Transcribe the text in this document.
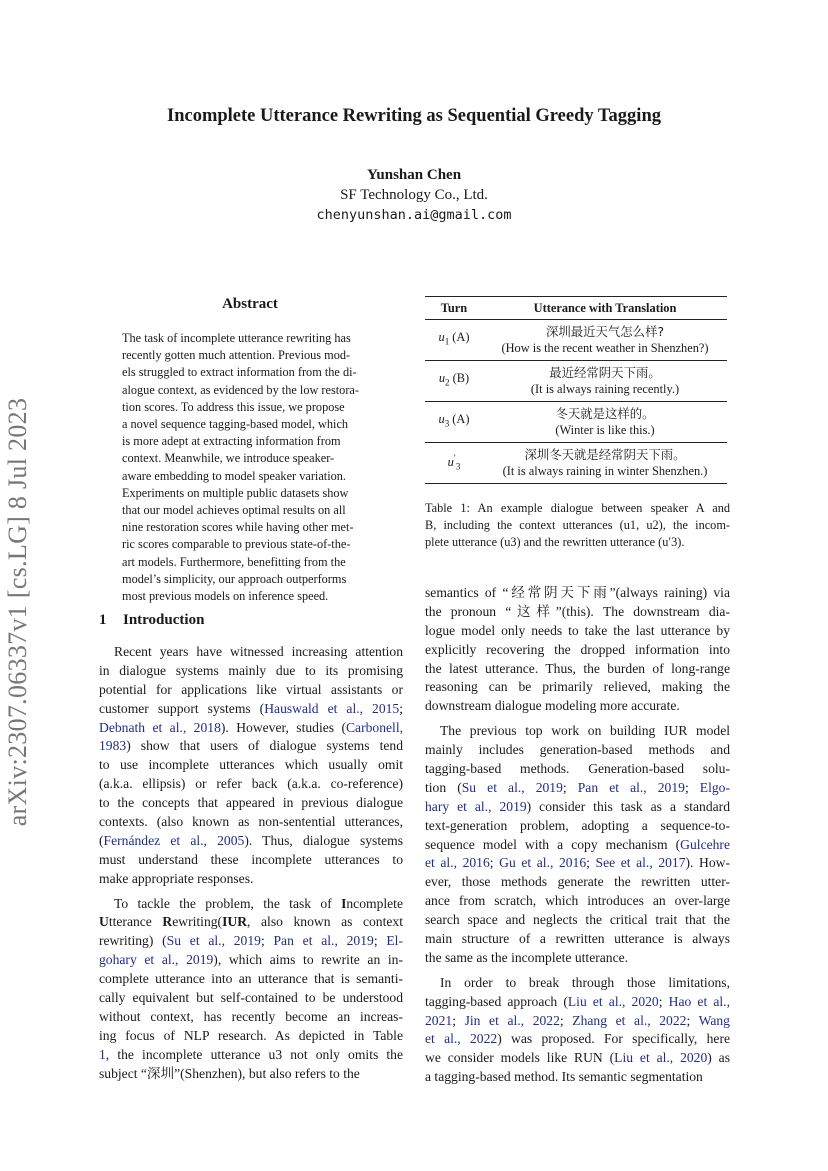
Incomplete Utterance Rewriting as Sequential Greedy Tagging
Yunshan Chen
SF Technology Co., Ltd.
chenyunshan.ai@gmail.com
arXiv:2307.06337v1 [cs.LG] 8 Jul 2023
Abstract
The task of incomplete utterance rewriting has
recently gotten much attention. Previous mod-
els struggled to extract information from the di-
alogue context, as evidenced by the low restora-
tion scores. To address this issue, we propose
a novel sequence tagging-based model, which
is more adept at extracting information from
context. Meanwhile, we introduce speaker-
aware embedding to model speaker variation.
Experiments on multiple public datasets show
that our model achieves optimal results on all
nine restoration scores while having other met-
ric scores comparable to previous state-of-the-
art models. Furthermore, benefitting from the
model’s simplicity, our approach outperforms
most previous models on inference speed.
Turn	Utterance with Translation
$u_1$ (A)	深圳最近天气怎么样?
(How is the recent weather in Shenzhen?)

$u_2$ (B)	最近经常阴天下雨。
(It is always raining recently.)

$u_3$ (A)	冬天就是这样的。
(Winter is like this.)

$u'_3$	深圳冬天就是经常阴天下雨。
(It is always raining in winter Shenzhen.)
Table 1: An example dialogue between speaker A and
B, including the context utterances (u1, u2), the incom-
plete utterance (u3) and the rewritten utterance (u′3).
1 Introduction
Recent years have witnessed increasing attention
in dialogue systems mainly due to its promising
potential for applications like virtual assistants or
customer support systems (Hauswald et al., 2015;
Debnath et al., 2018). However, studies (Carbonell,
1983) show that users of dialogue systems tend
to use incomplete utterances which usually omit
(a.k.a. ellipsis) or refer back (a.k.a. co-reference)
to the concepts that appeared in previous dialogue
contexts. (also known as non-sentential utterances,
(Fernández et al., 2005). Thus, dialogue systems
must understand these incomplete utterances to
make appropriate responses.
To tackle the problem, the task of Incomplete
Utterance Rewriting(IUR, also known as context
rewriting) (Su et al., 2019; Pan et al., 2019; El-
gohary et al., 2019), which aims to rewrite an in-
complete utterance into an utterance that is semanti-
cally equivalent but self-contained to be understood
without context, has recently become an increas-
ing focus of NLP research. As depicted in Table
1, the incomplete utterance u3 not only omits the
subject “深圳”(Shenzhen), but also refers to the
semantics of “经常阴天下雨”(always raining) via
the pronoun “这样”(this). The downstream dia-
logue model only needs to take the last utterance by
explicitly recovering the dropped information into
the latest utterance. Thus, the burden of long-range
reasoning can be primarily relieved, making the
downstream dialogue modeling more accurate.
The previous top work on building IUR model
mainly includes generation-based methods and
tagging-based methods. Generation-based solu-
tion (Su et al., 2019; Pan et al., 2019; Elgo-
hary et al., 2019) consider this task as a standard
text-generation problem, adopting a sequence-to-
sequence model with a copy mechanism (Gulcehre
et al., 2016; Gu et al., 2016; See et al., 2017). How-
ever, those methods generate the rewritten utter-
ance from scratch, which introduces an over-large
search space and neglects the critical trait that the
main structure of a rewritten utterance is always
the same as the incomplete utterance.
In order to break through those limitations,
tagging-based approach (Liu et al., 2020; Hao et al.,
2021; Jin et al., 2022; Zhang et al., 2022; Wang
et al., 2022) was proposed. For specifically, here
we consider models like RUN (Liu et al., 2020) as
a tagging-based method. Its semantic segmentation
